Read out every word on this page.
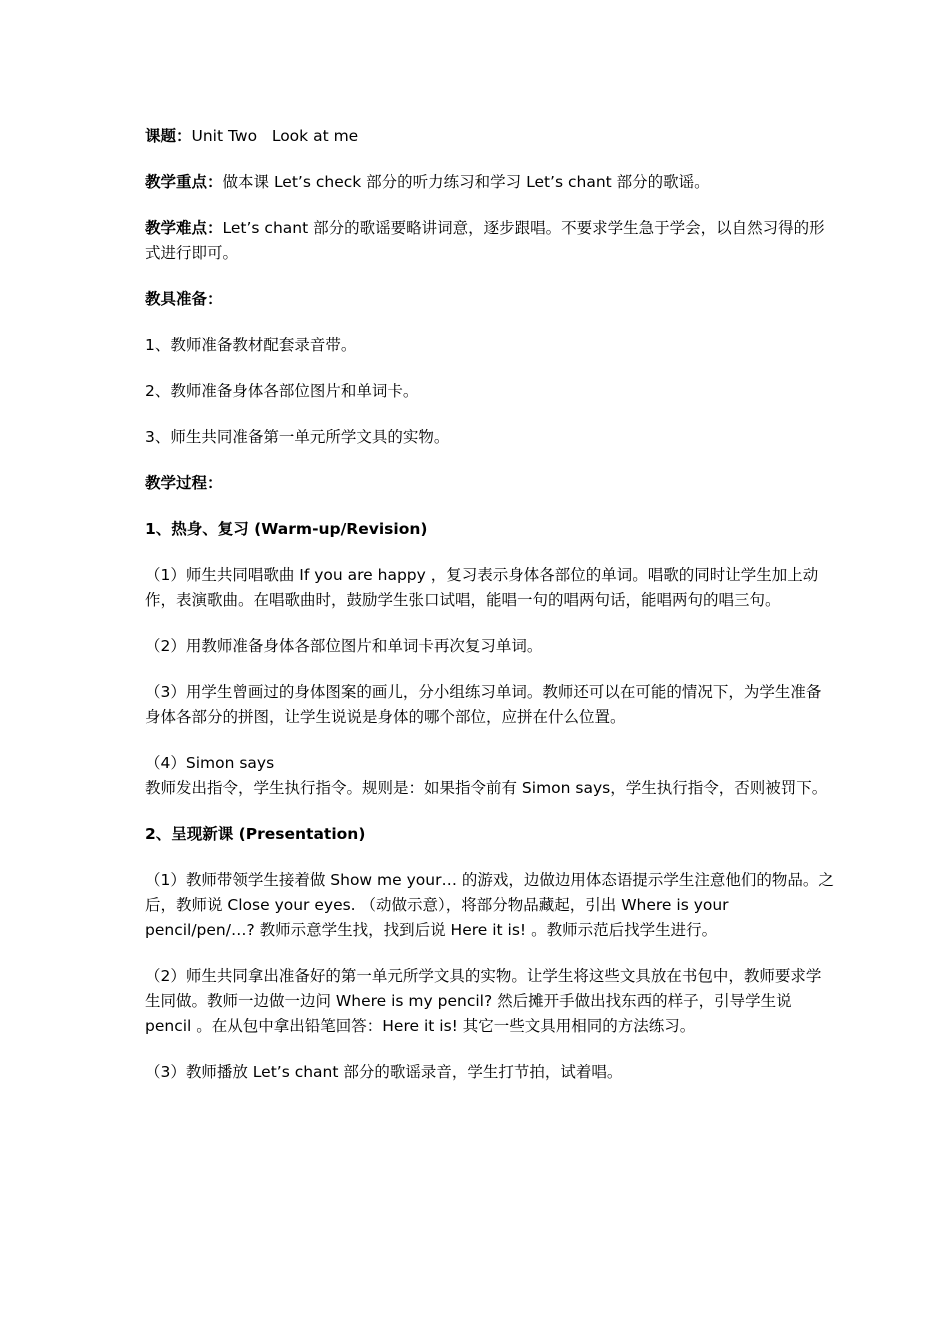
课题：Unit Two   Look at me

教学重点：做本课 Let’s check 部分的听力练习和学习 Let’s chant 部分的歌谣。

教学难点：Let’s chant 部分的歌谣要略讲词意，逐步跟唱。不要求学生急于学会，以自然习得的形式进行即可。

教具准备：

1、教师准备教材配套录音带。

2、教师准备身体各部位图片和单词卡。

3、师生共同准备第一单元所学文具的实物。

教学过程：

1、热身、复习 (Warm-up/Revision)

（1）师生共同唱歌曲 If you are happy ，复习表示身体各部位的单词。唱歌的同时让学生加上动作，表演歌曲。在唱歌曲时，鼓励学生张口试唱，能唱一句的唱两句话，能唱两句的唱三句。

（2）用教师准备身体各部位图片和单词卡再次复习单词。

（3）用学生曾画过的身体图案的画儿，分小组练习单词。教师还可以在可能的情况下，为学生准备身体各部分的拼图，让学生说说是身体的哪个部位，应拼在什么位置。

（4）Simon says

教师发出指令，学生执行指令。规则是：如果指令前有 Simon says，学生执行指令，否则被罚下。

2、呈现新课 (Presentation)

（1）教师带领学生接着做 Show me your… 的游戏，边做边用体态语提示学生注意他们的物品。之后，教师说 Close your eyes. （动做示意），将部分物品藏起，引出 Where is your pencil/pen/…? 教师示意学生找，找到后说 Here it is! 。教师示范后找学生进行。

（2）师生共同拿出准备好的第一单元所学文具的实物。让学生将这些文具放在书包中，教师要求学生同做。教师一边做一边问 Where is my pencil? 然后摊开手做出找东西的样子，引导学生说 pencil 。在从包中拿出铅笔回答：Here it is! 其它一些文具用相同的方法练习。

（3）教师播放 Let’s chant 部分的歌谣录音，学生打节拍，试着唱。
